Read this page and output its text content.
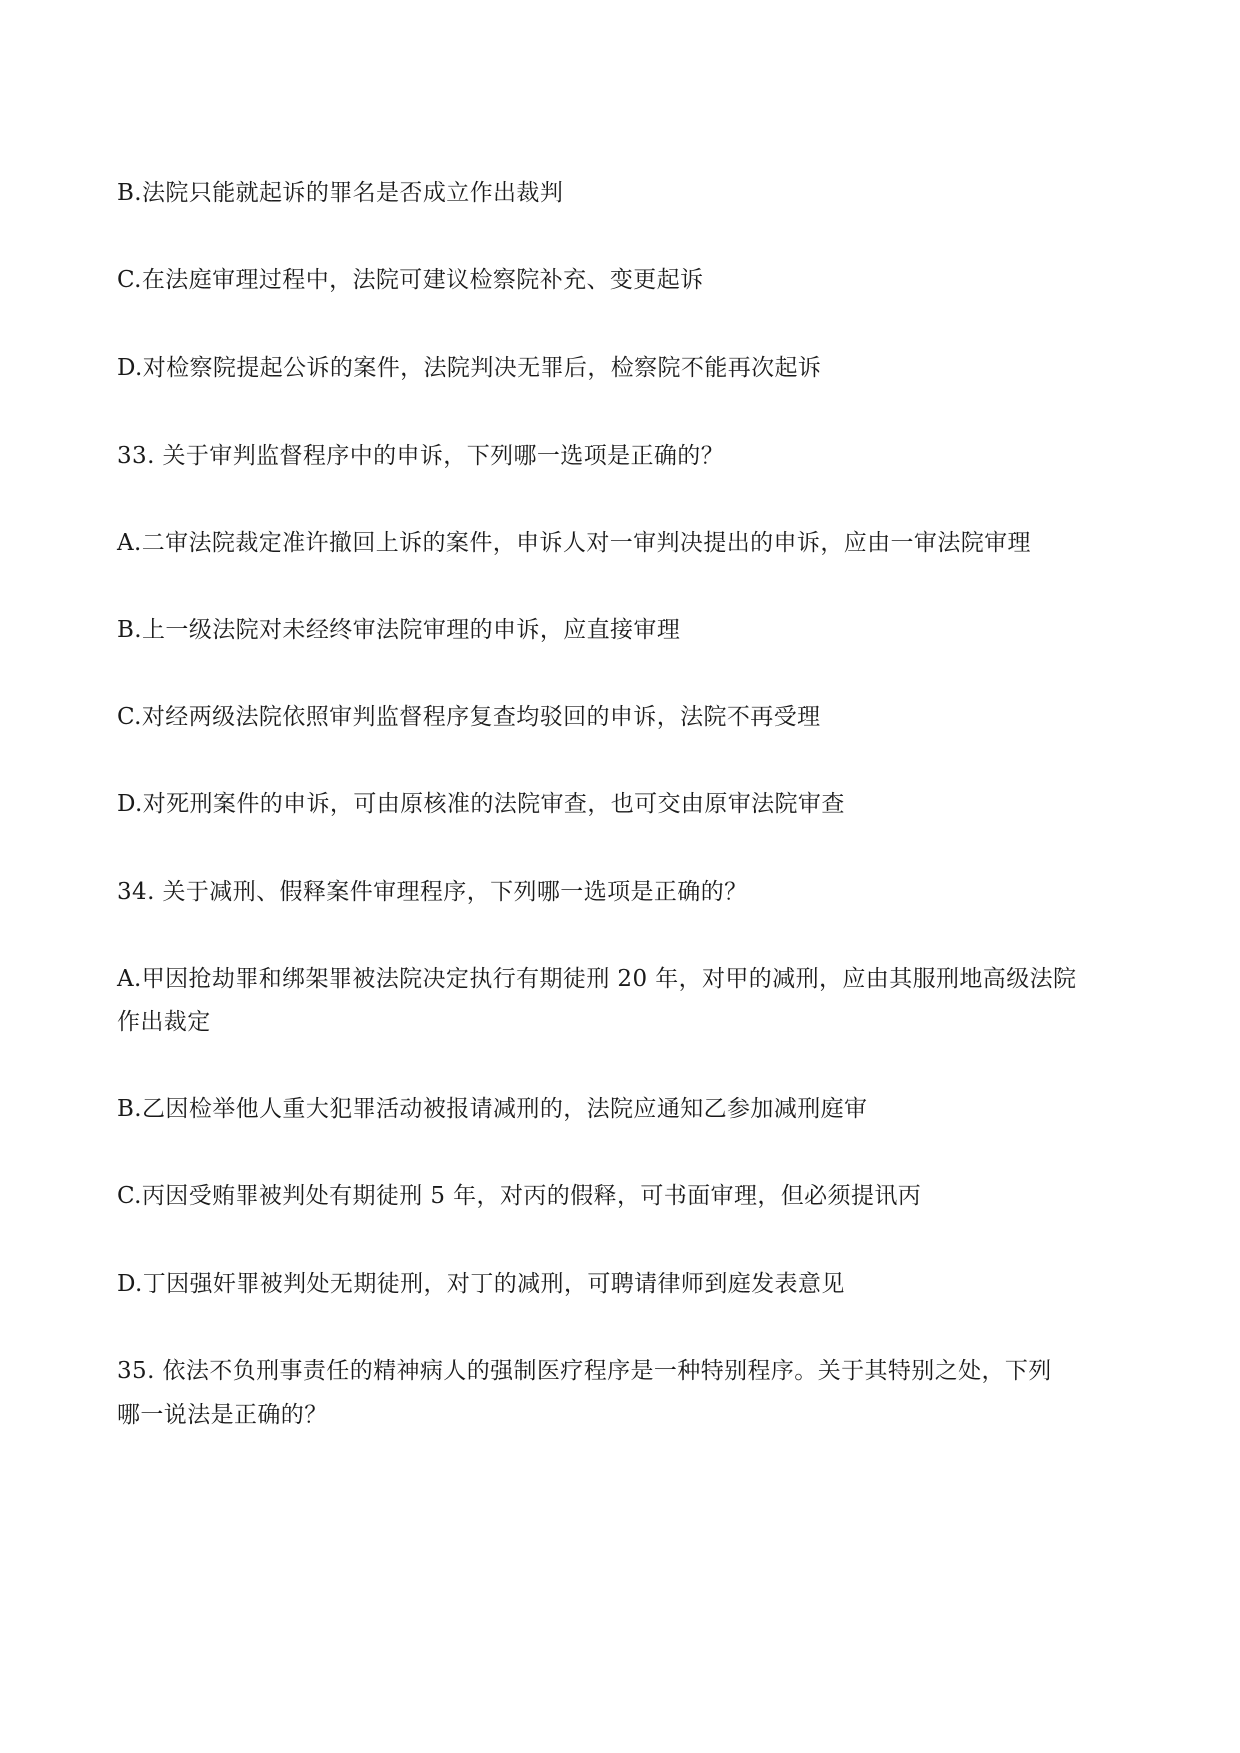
B.法院只能就起诉的罪名是否成立作出裁判
C.在法庭审理过程中，法院可建议检察院补充、变更起诉
D.对检察院提起公诉的案件，法院判决无罪后，检察院不能再次起诉
33. 关于审判监督程序中的申诉，下列哪一选项是正确的？
A.二审法院裁定准许撤回上诉的案件，申诉人对一审判决提出的申诉，应由一审法院审理
B.上一级法院对未经终审法院审理的申诉，应直接审理
C.对经两级法院依照审判监督程序复查均驳回的申诉，法院不再受理
D.对死刑案件的申诉，可由原核准的法院审查，也可交由原审法院审查
34. 关于减刑、假释案件审理程序，下列哪一选项是正确的？
A.甲因抢劫罪和绑架罪被法院决定执行有期徒刑 20 年，对甲的减刑，应由其服刑地高级法院
作出裁定
B.乙因检举他人重大犯罪活动被报请减刑的，法院应通知乙参加减刑庭审
C.丙因受贿罪被判处有期徒刑 5 年，对丙的假释，可书面审理，但必须提讯丙
D.丁因强奸罪被判处无期徒刑，对丁的减刑，可聘请律师到庭发表意见
35. 依法不负刑事责任的精神病人的强制医疗程序是一种特别程序。关于其特别之处，下列
哪一说法是正确的？
